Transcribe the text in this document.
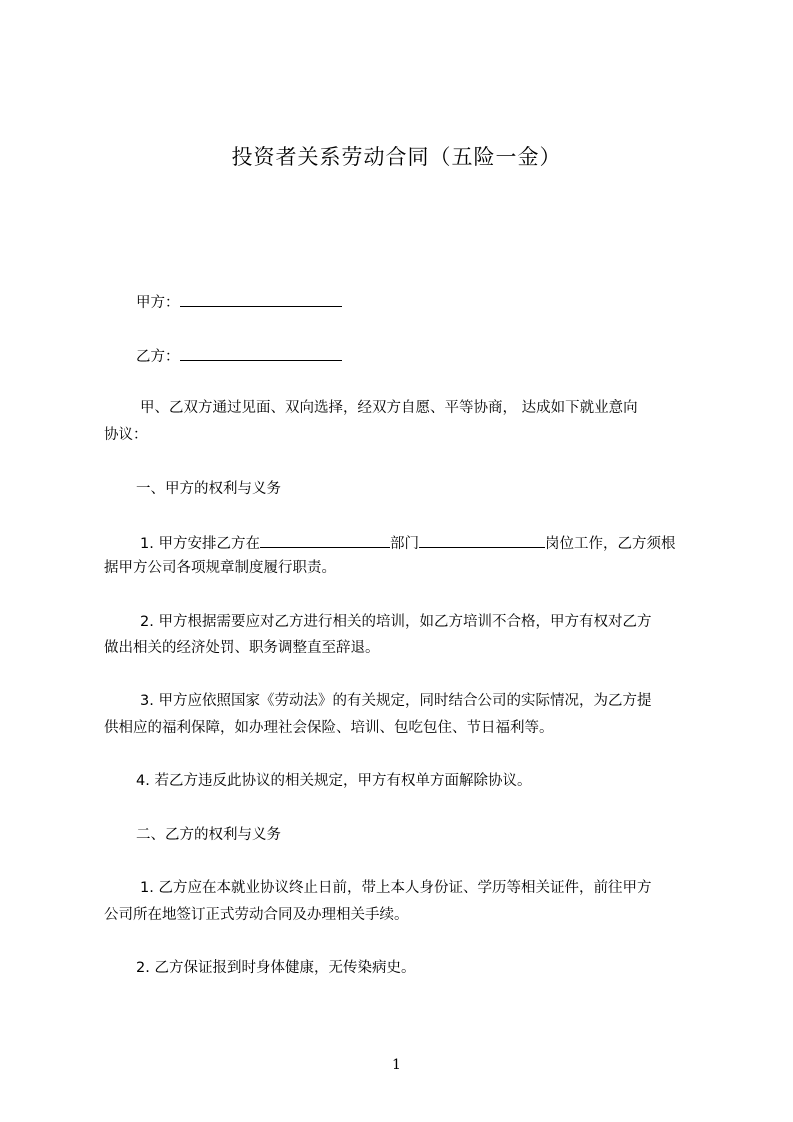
投资者关系劳动合同（五险一金）
甲方：
乙方：
甲、乙双方通过见面、双向选择，经双方自愿、平等协商， 达成如下就业意向
协议：
一、甲方的权利与义务
1. 甲方安排乙方在	部门	岗位工作，乙方须根
据甲方公司各项规章制度履行职责。
2. 甲方根据需要应对乙方进行相关的培训，如乙方培训不合格，甲方有权对乙方
做出相关的经济处罚、职务调整直至辞退。
3. 甲方应依照国家《劳动法》的有关规定，同时结合公司的实际情况，为乙方提
供相应的福利保障，如办理社会保险、培训、包吃包住、节日福利等。
4. 若乙方违反此协议的相关规定，甲方有权单方面解除协议。
二、乙方的权利与义务
1. 乙方应在本就业协议终止日前，带上本人身份证、学历等相关证件，前往甲方
公司所在地签订正式劳动合同及办理相关手续。
2. 乙方保证报到时身体健康，无传染病史。
1
